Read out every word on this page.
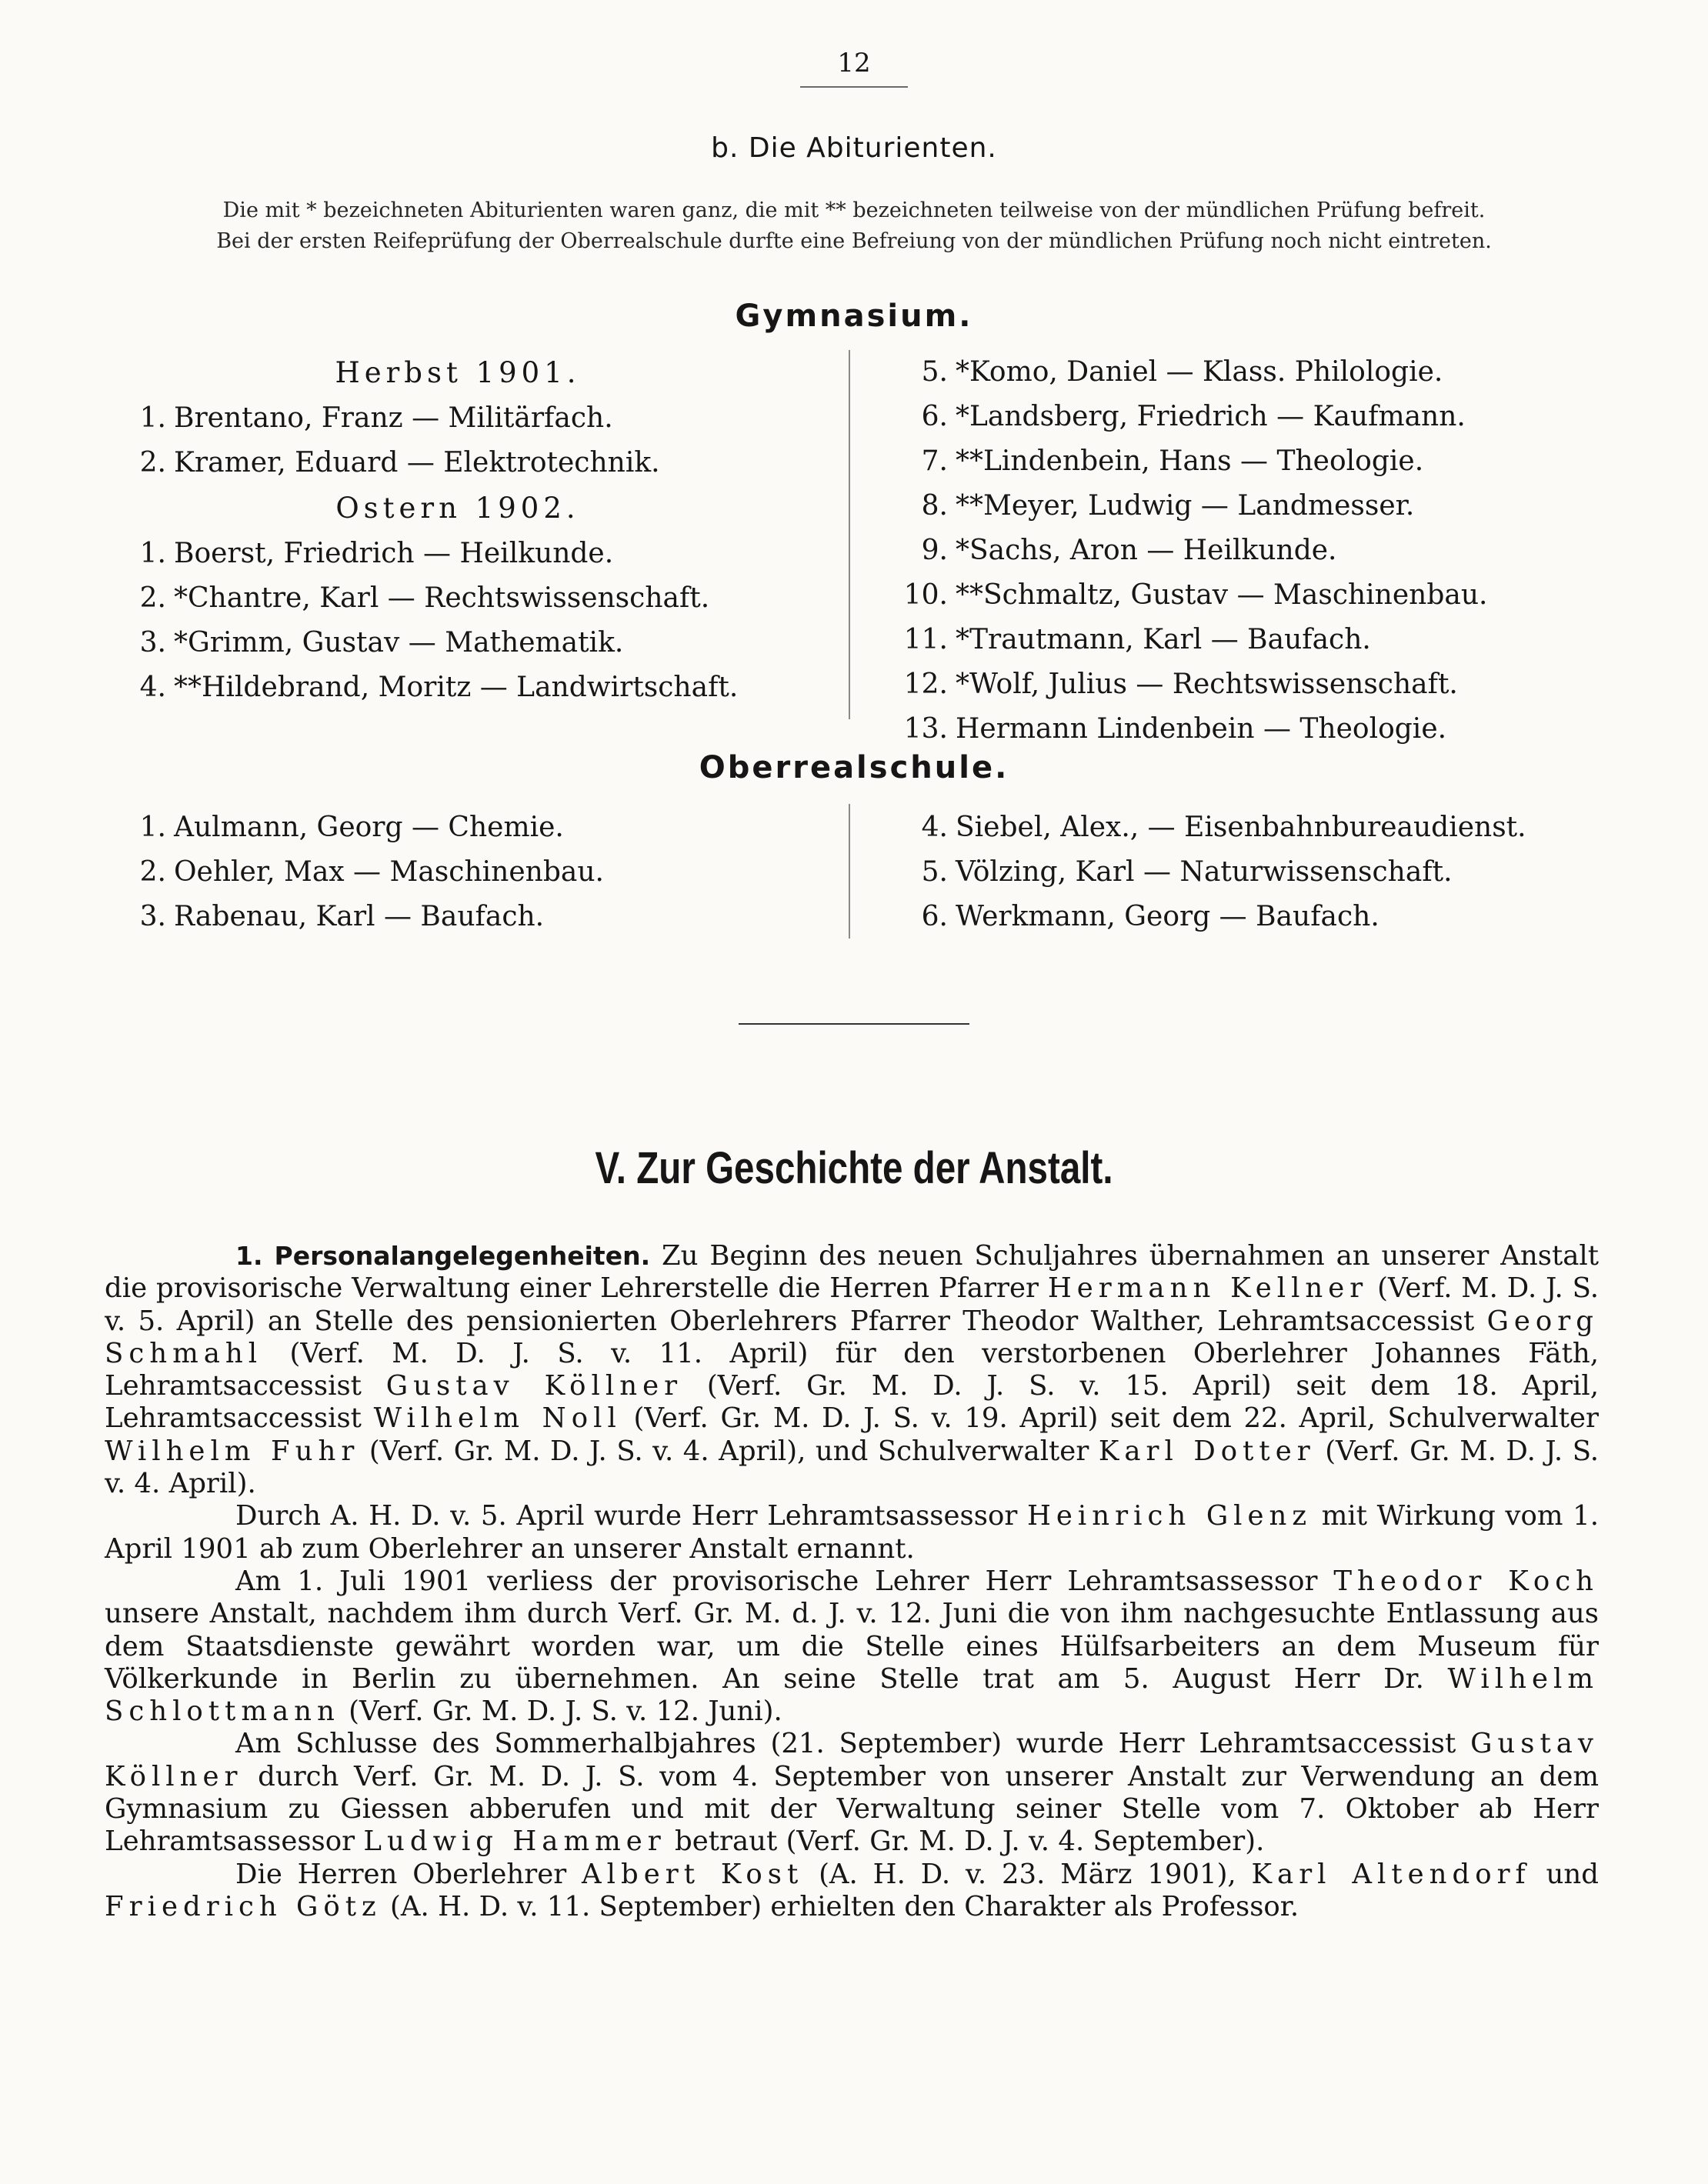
12
b. Die Abiturienten.
Die mit * bezeichneten Abiturienten waren ganz, die mit ** bezeichneten teilweise von der mündlichen Prüfung befreit.
Bei der ersten Reifeprüfung der Oberrealschule durfte eine Befreiung von der mündlichen Prüfung noch nicht eintreten.
Gymnasium.
Herbst 1901.
1. Brentano, Franz — Militärfach.
2. Kramer, Eduard — Elektrotechnik.
Ostern 1902.
1. Boerst, Friedrich — Heilkunde.
2. *Chantre, Karl — Rechtswissenschaft.
3. *Grimm, Gustav — Mathematik.
4. **Hildebrand, Moritz — Landwirtschaft.
5. *Komo, Daniel — Klass. Philologie.
6. *Landsberg, Friedrich — Kaufmann.
7. **Lindenbein, Hans — Theologie.
8. **Meyer, Ludwig — Landmesser.
9. *Sachs, Aron — Heilkunde.
10. **Schmaltz, Gustav — Maschinenbau.
11. *Trautmann, Karl — Baufach.
12. *Wolf, Julius — Rechtswissenschaft.
13. Hermann Lindenbein — Theologie.
Oberrealschule.
1. Aulmann, Georg — Chemie.
2. Oehler, Max — Maschinenbau.
3. Rabenau, Karl — Baufach.
4. Siebel, Alex., — Eisenbahnbureaudienst.
5. Völzing, Karl — Naturwissenschaft.
6. Werkmann, Georg — Baufach.
V. Zur Geschichte der Anstalt.

1. Personalangelegenheiten. Zu Beginn des neuen Schuljahres übernahmen an unserer Anstalt die provisorische Verwaltung einer Lehrerstelle die Herren Pfarrer Hermann Kellner (Verf. M. D. J. S. v. 5. April) an Stelle des pensionierten Oberlehrers Pfarrer Theodor Walther, Lehramtsaccessist Georg Schmahl (Verf. M. D. J. S. v. 11. April) für den verstorbenen Oberlehrer Johannes Fäth, Lehramtsaccessist Gustav Köllner (Verf. Gr. M. D. J. S. v. 15. April) seit dem 18. April, Lehramtsaccessist Wilhelm Noll (Verf. Gr. M. D. J. S. v. 19. April) seit dem 22. April, Schulverwalter Wilhelm Fuhr (Verf. Gr. M. D. J. S. v. 4. April), und Schulverwalter Karl Dotter (Verf. Gr. M. D. J. S. v. 4. April).

Durch A. H. D. v. 5. April wurde Herr Lehramtsassessor Heinrich Glenz mit Wirkung vom 1. April 1901 ab zum Oberlehrer an unserer Anstalt ernannt.

Am 1. Juli 1901 verliess der provisorische Lehrer Herr Lehramtsassessor Theodor Koch unsere Anstalt, nachdem ihm durch Verf. Gr. M. d. J. v. 12. Juni die von ihm nachgesuchte Entlassung aus dem Staatsdienste gewährt worden war, um die Stelle eines Hülfsarbeiters an dem Museum für Völkerkunde in Berlin zu übernehmen. An seine Stelle trat am 5. August Herr Dr. Wilhelm Schlottmann (Verf. Gr. M. D. J. S. v. 12. Juni).

Am Schlusse des Sommerhalbjahres (21. September) wurde Herr Lehramtsaccessist Gustav Köllner durch Verf. Gr. M. D. J. S. vom 4. September von unserer Anstalt zur Verwendung an dem Gymnasium zu Giessen abberufen und mit der Verwaltung seiner Stelle vom 7. Oktober ab Herr Lehramtsassessor Ludwig Hammer betraut (Verf. Gr. M. D. J. v. 4. September).

Die Herren Oberlehrer Albert Kost (A. H. D. v. 23. März 1901), Karl Altendorf und Friedrich Götz (A. H. D. v. 11. September) erhielten den Charakter als Professor.
